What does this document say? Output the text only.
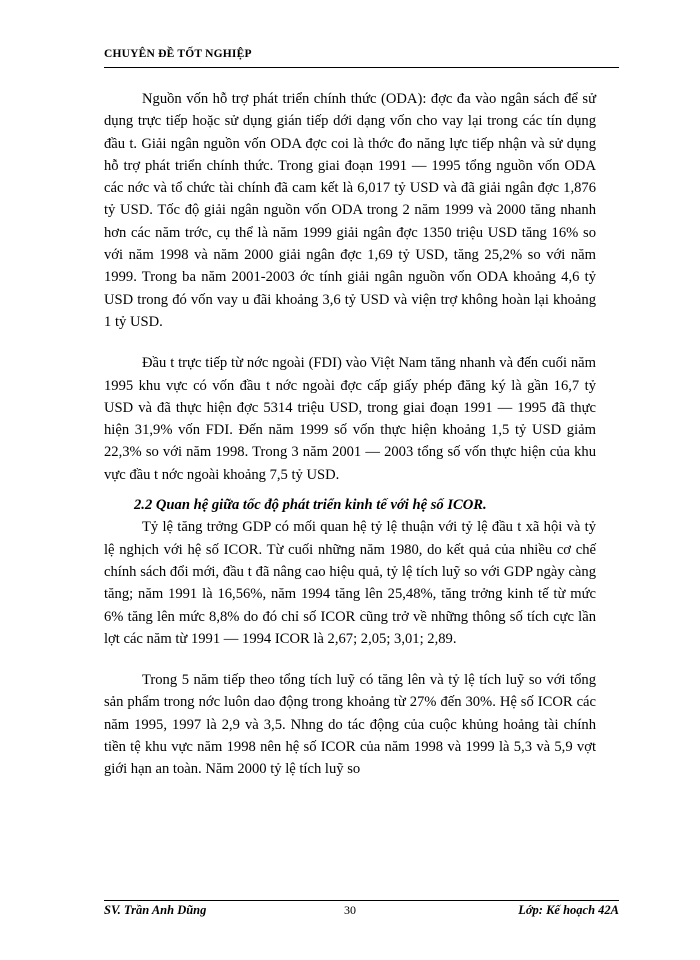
CHUYÊN ĐỀ TỐT NGHIỆP

Nguồn vốn hỗ trợ phát triển chính thức (ODA): đợc đa vào ngân sách để sử dụng trực tiếp hoặc sử dụng gián tiếp dới dạng vốn cho vay lại trong các tín dụng đầu t. Giải ngân nguồn vốn ODA đợc coi là thớc đo năng lực tiếp nhận và sử dụng hỗ trợ phát triển chính thức. Trong giai đoạn 1991 — 1995 tổng nguồn vốn ODA các nớc và tổ chức tài chính đã cam kết là 6,017 tỷ USD và đã giải ngân đợc 1,876 tỷ USD. Tốc độ giải ngân nguồn vốn ODA trong 2 năm 1999 và 2000 tăng nhanh hơn các năm trớc, cụ thể là năm 1999 giải ngân đợc 1350 triệu USD tăng 16% so với năm 1998 và năm 2000 giải ngân đợc 1,69 tỷ USD, tăng 25,2% so với năm 1999. Trong ba năm 2001-2003 ớc tính giải ngân nguồn vốn ODA khoảng 4,6 tỷ USD trong đó vốn vay u đãi khoảng 3,6 tỷ USD và viện trợ không hoàn lại khoảng 1 tỷ USD.

Đầu t trực tiếp từ nớc ngoài (FDI) vào Việt Nam tăng nhanh và đến cuối năm 1995 khu vực có vốn đầu t nớc ngoài đợc cấp giấy phép đăng ký là gần 16,7 tỷ USD và đã thực hiện đợc 5314 triệu USD, trong giai đoạn 1991 — 1995 đã thực hiện 31,9% vốn FDI. Đến năm 1999 số vốn thực hiện khoảng 1,5 tỷ USD giảm 22,3% so với năm 1998. Trong 3 năm 2001 — 2003 tổng số vốn thực hiện của khu vực đầu t nớc ngoài khoảng 7,5 tỷ USD.

2.2 Quan hệ giữa tốc độ phát triển kinh tế với hệ số ICOR.

Tỷ lệ tăng trởng GDP có mối quan hệ tỷ lệ thuận với tỷ lệ đầu t xã hội và tỷ lệ nghịch với hệ số ICOR. Từ cuối những năm 1980, do kết quả của nhiều cơ chế chính sách đổi mới, đầu t đã nâng cao hiệu quả, tỷ lệ tích luỹ so với GDP ngày càng tăng; năm 1991 là 16,56%, năm 1994 tăng lên 25,48%, tăng trởng kinh tế từ mức 6% tăng lên mức 8,8% do đó chỉ số ICOR cũng trở về những thông số tích cực lần lợt các năm từ 1991 — 1994 ICOR là 2,67; 2,05; 3,01; 2,89.

Trong 5 năm tiếp theo tổng tích luỹ có tăng lên và tỷ lệ tích luỹ so với tổng sản phẩm trong nớc luôn dao động trong khoảng từ 27% đến 30%. Hệ số ICOR các năm 1995, 1997 là 2,9 và 3,5. Nhng do tác động của cuộc khủng hoảng tài chính tiền tệ khu vực năm 1998 nên hệ số ICOR của năm 1998 và 1999 là 5,3 và 5,9 vợt giới hạn an toàn. Năm 2000 tỷ lệ tích luỹ so

SV. Trần Anh Dũng	30	Lớp: Kế hoạch 42A
